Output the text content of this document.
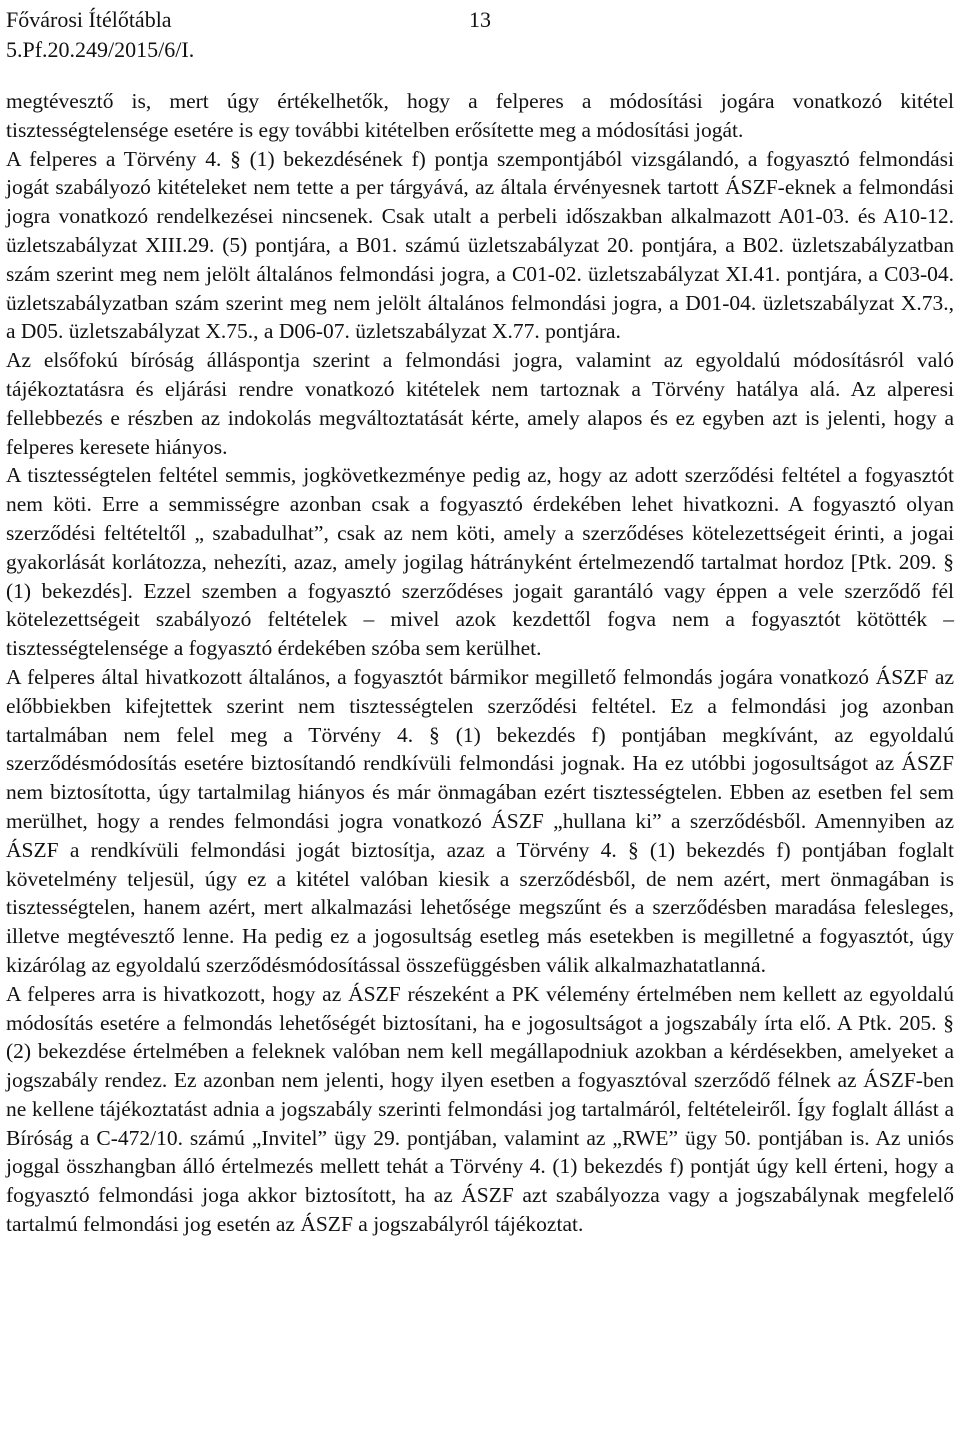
Fővárosi Ítélőtábla
5.Pf.20.249/2015/6/I.
13

megtévesztő is, mert úgy értékelhetők, hogy a felperes a módosítási jogára vonatkozó kitétel tisztességtelensége esetére is egy további kitételben erősítette meg a módosítási jogát.

A felperes a Törvény 4. § (1) bekezdésének f) pontja szempontjából vizsgálandó, a fogyasztó felmondási jogát szabályozó kitételeket nem tette a per tárgyává, az általa érvényesnek tartott ÁSZF-eknek a felmondási jogra vonatkozó rendelkezései nincsenek. Csak utalt a perbeli időszakban alkalmazott A01-03. és A10-12. üzletszabályzat XIII.29. (5) pontjára, a B01. számú üzletszabályzat 20. pontjára, a B02. üzletszabályzatban szám szerint meg nem jelölt általános felmondási jogra, a C01-02. üzletszabályzat XI.41. pontjára, a C03-04. üzletszabályzatban szám szerint meg nem jelölt általános felmondási jogra, a D01-04. üzletszabályzat X.73., a D05. üzletszabályzat X.75., a D06-07. üzletszabályzat X.77. pontjára.

Az elsőfokú bíróság álláspontja szerint a felmondási jogra, valamint az egyoldalú módosításról való tájékoztatásra és eljárási rendre vonatkozó kitételek nem tartoznak a Törvény hatálya alá. Az alperesi fellebbezés e részben az indokolás megváltoztatását kérte, amely alapos és ez egyben azt is jelenti, hogy a felperes keresete hiányos.

A tisztességtelen feltétel semmis, jogkövetkezménye pedig az, hogy az adott szerződési feltétel a fogyasztót nem köti. Erre a semmisségre azonban csak a fogyasztó érdekében lehet hivatkozni. A fogyasztó olyan szerződési feltételtől „ szabadulhat”, csak az nem köti, amely a szerződéses kötelezettségeit érinti, a jogai gyakorlását korlátozza, nehezíti, azaz, amely jogilag hátrányként értelmezendő tartalmat hordoz [Ptk. 209. § (1) bekezdés]. Ezzel szemben a fogyasztó szerződéses jogait garantáló vagy éppen a vele szerződő fél kötelezettségeit szabályozó feltételek – mivel azok kezdettől fogva nem a fogyasztót kötötték – tisztességtelensége a fogyasztó érdekében szóba sem kerülhet.

A felperes által hivatkozott általános, a fogyasztót bármikor megillető felmondás jogára vonatkozó ÁSZF az előbbiekben kifejtettek szerint nem tisztességtelen szerződési feltétel. Ez a felmondási jog azonban tartalmában nem felel meg a Törvény 4. § (1) bekezdés f) pontjában megkívánt, az egyoldalú szerződésmódosítás esetére biztosítandó rendkívüli felmondási jognak. Ha ez utóbbi jogosultságot az ÁSZF nem biztosította, úgy tartalmilag hiányos és már önmagában ezért tisztességtelen. Ebben az esetben fel sem merülhet, hogy a rendes felmondási jogra vonatkozó ÁSZF „hullana ki” a szerződésből. Amennyiben az ÁSZF a rendkívüli felmondási jogát biztosítja, azaz a Törvény 4. § (1) bekezdés f) pontjában foglalt követelmény teljesül, úgy ez a kitétel valóban kiesik a szerződésből, de nem azért, mert önmagában is tisztességtelen, hanem azért, mert alkalmazási lehetősége megszűnt és a szerződésben maradása felesleges, illetve megtévesztő lenne. Ha pedig ez a jogosultság esetleg más esetekben is megilletné a fogyasztót, úgy kizárólag az egyoldalú szerződésmódosítással összefüggésben válik alkalmazhatatlanná.

A felperes arra is hivatkozott, hogy az ÁSZF részeként a PK vélemény értelmében nem kellett az egyoldalú módosítás esetére a felmondás lehetőségét biztosítani, ha e jogosultságot a jogszabály írta elő. A Ptk. 205. § (2) bekezdése értelmében a feleknek valóban nem kell megállapodniuk azokban a kérdésekben, amelyeket a jogszabály rendez. Ez azonban nem jelenti, hogy ilyen esetben a fogyasztóval szerződő félnek az ÁSZF-ben ne kellene tájékoztatást adnia a jogszabály szerinti felmondási jog tartalmáról, feltételeiről. Így foglalt állást a Bíróság a C-472/10. számú „Invitel” ügy 29. pontjában, valamint az „RWE” ügy 50. pontjában is. Az uniós joggal összhangban álló értelmezés mellett tehát a Törvény 4. (1) bekezdés f) pontját úgy kell érteni, hogy a fogyasztó felmondási joga akkor biztosított, ha az ÁSZF azt szabályozza vagy a jogszabálynak megfelelő tartalmú felmondási jog esetén az ÁSZF a jogszabályról tájékoztat.
